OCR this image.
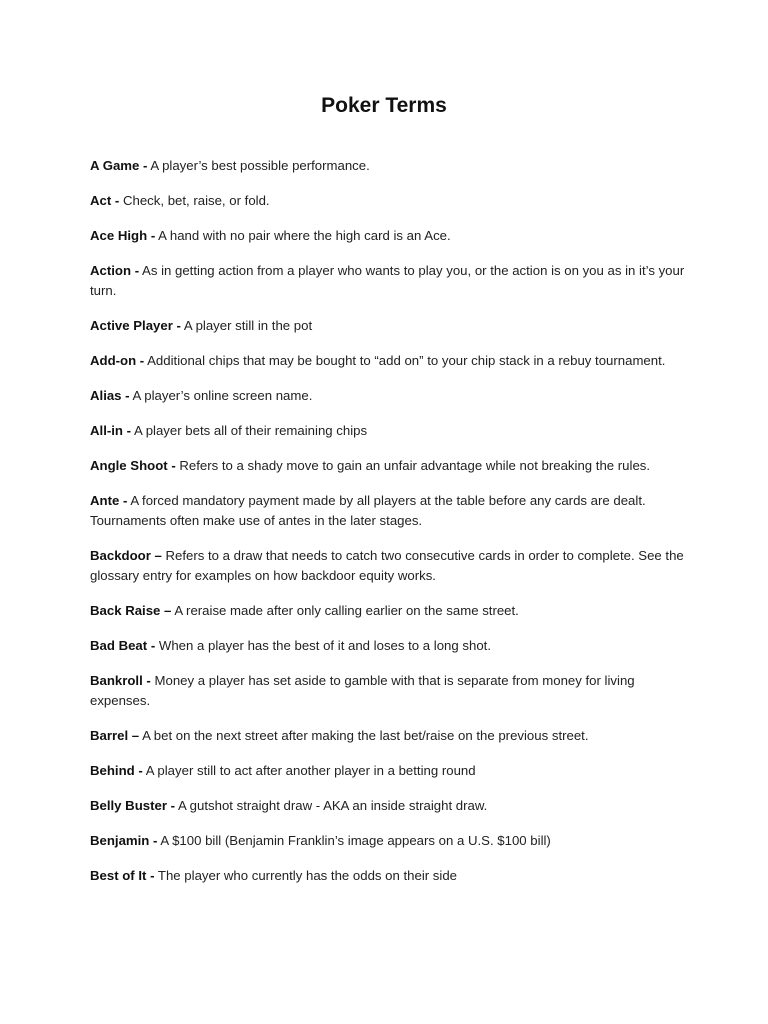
Poker Terms
A Game - A player’s best possible performance.
Act - Check, bet, raise, or fold.
Ace High - A hand with no pair where the high card is an Ace.
Action - As in getting action from a player who wants to play you, or the action is on you as in it’s your turn.
Active Player - A player still in the pot
Add-on - Additional chips that may be bought to “add on” to your chip stack in a rebuy tournament.
Alias - A player’s online screen name.
All-in - A player bets all of their remaining chips
Angle Shoot - Refers to a shady move to gain an unfair advantage while not breaking the rules.
Ante - A forced mandatory payment made by all players at the table before any cards are dealt. Tournaments often make use of antes in the later stages.
Backdoor – Refers to a draw that needs to catch two consecutive cards in order to complete. See the glossary entry for examples on how backdoor equity works.
Back Raise – A reraise made after only calling earlier on the same street.
Bad Beat - When a player has the best of it and loses to a long shot.
Bankroll - Money a player has set aside to gamble with that is separate from money for living expenses.
Barrel – A bet on the next street after making the last bet/raise on the previous street.
Behind - A player still to act after another player in a betting round
Belly Buster - A gutshot straight draw - AKA an inside straight draw.
Benjamin - A $100 bill (Benjamin Franklin’s image appears on a U.S. $100 bill)
Best of It - The player who currently has the odds on their side
